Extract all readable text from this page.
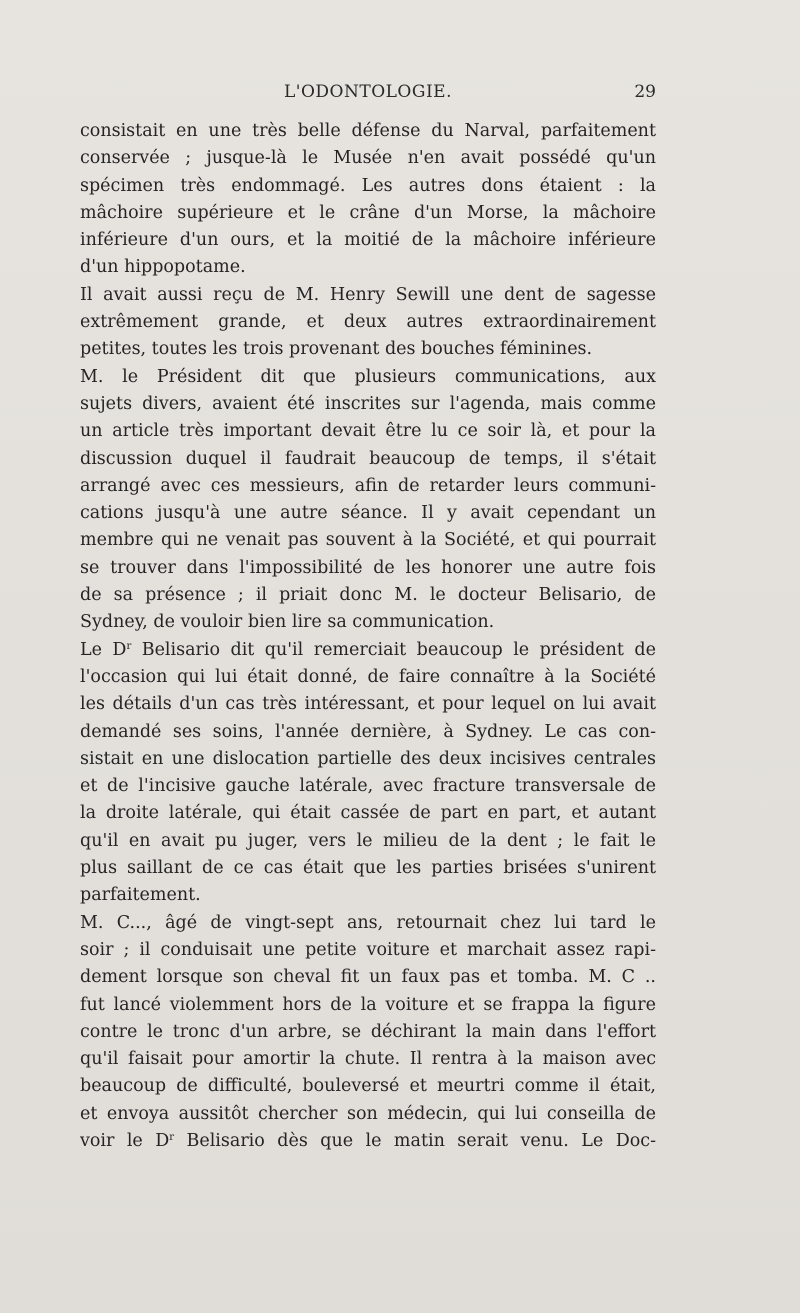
L'ODONTOLOGIE.	29
consistait en une très belle défense du Narval, parfaitement
conservée ; jusque-là le Musée n'en avait possédé qu'un
spécimen très endommagé. Les autres dons étaient : la
mâchoire supérieure et le crâne d'un Morse, la mâchoire
inférieure d'un ours, et la moitié de la mâchoire inférieure
d'un hippopotame.
Il avait aussi reçu de M. Henry Sewill une dent de sagesse
extrêmement grande, et deux autres extraordinairement
petites, toutes les trois provenant des bouches féminines.
M. le Président dit que plusieurs communications, aux
sujets divers, avaient été inscrites sur l'agenda, mais comme
un article très important devait être lu ce soir là, et pour la
discussion duquel il faudrait beaucoup de temps, il s'était
arrangé avec ces messieurs, afin de retarder leurs communi-
cations jusqu'à une autre séance. Il y avait cependant un
membre qui ne venait pas souvent à la Société, et qui pourrait
se trouver dans l'impossibilité de les honorer une autre fois
de sa présence ; il priait donc M. le docteur Belisario, de
Sydney, de vouloir bien lire sa communication.
Le $D^r$ Belisario dit qu'il remerciait beaucoup le président de
l'occasion qui lui était donné, de faire connaître à la Société
les détails d'un cas très intéressant, et pour lequel on lui avait
demandé ses soins, l'année dernière, à Sydney. Le cas con-
sistait en une dislocation partielle des deux incisives centrales
et de l'incisive gauche latérale, avec fracture transversale de
la droite latérale, qui était cassée de part en part, et autant
qu'il en avait pu juger, vers le milieu de la dent ; le fait le
plus saillant de ce cas était que les parties brisées s'unirent
parfaitement.
M. C..., âgé de vingt-sept ans, retournait chez lui tard le
soir ; il conduisait une petite voiture et marchait assez rapi-
dement lorsque son cheval fit un faux pas et tomba. M. C ..
fut lancé violemment hors de la voiture et se frappa la figure
contre le tronc d'un arbre, se déchirant la main dans l'effort
qu'il faisait pour amortir la chute. Il rentra à la maison avec
beaucoup de difficulté, bouleversé et meurtri comme il était,
et envoya aussitôt chercher son médecin, qui lui conseilla de
voir le $D^r$ Belisario dès que le matin serait venu. Le Doc-
